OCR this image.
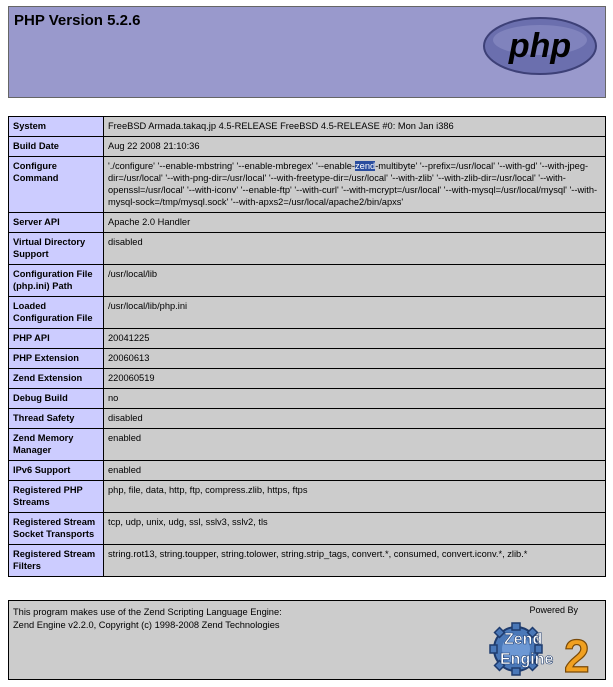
PHP Version 5.2.6
php
System	FreeBSD Armada.takaq.jp 4.5-RELEASE FreeBSD 4.5-RELEASE #0: Mon Jan i386
Build Date	Aug 22 2008 21:10:36
Configure Command	'./configure' '--enable-mbstring' '--enable-mbregex' '--enable-zend-multibyte' '--prefix=/usr/local' '--with-gd' '--with-jpeg-dir=/usr/local' '--with-png-dir=/usr/local' '--with-freetype-dir=/usr/local' '--with-zlib' '--with-zlib-dir=/usr/local' '--with-openssl=/usr/local' '--with-iconv' '--enable-ftp' '--with-curl' '--with-mcrypt=/usr/local' '--with-mysql=/usr/local/mysql' '--with-mysql-sock=/tmp/mysql.sock' '--with-apxs2=/usr/local/apache2/bin/apxs'
Server API	Apache 2.0 Handler
Virtual Directory Support	disabled
Configuration File (php.ini) Path	/usr/local/lib
Loaded Configuration File	/usr/local/lib/php.ini
PHP API	20041225
PHP Extension	20060613
Zend Extension	220060519
Debug Build	no
Thread Safety	disabled
Zend Memory Manager	enabled
IPv6 Support	enabled
Registered PHP Streams	php, file, data, http, ftp, compress.zlib, https, ftps
Registered Stream Socket Transports	tcp, udp, unix, udg, ssl, sslv3, sslv2, tls
Registered Stream Filters	string.rot13, string.toupper, string.tolower, string.strip_tags, convert.*, consumed, convert.iconv.*, zlib.*
This program makes use of the Zend Scripting Language Engine:
Zend Engine v2.2.0, Copyright (c) 1998-2008 Zend Technologies
Powered By
Zend
Engine 2
